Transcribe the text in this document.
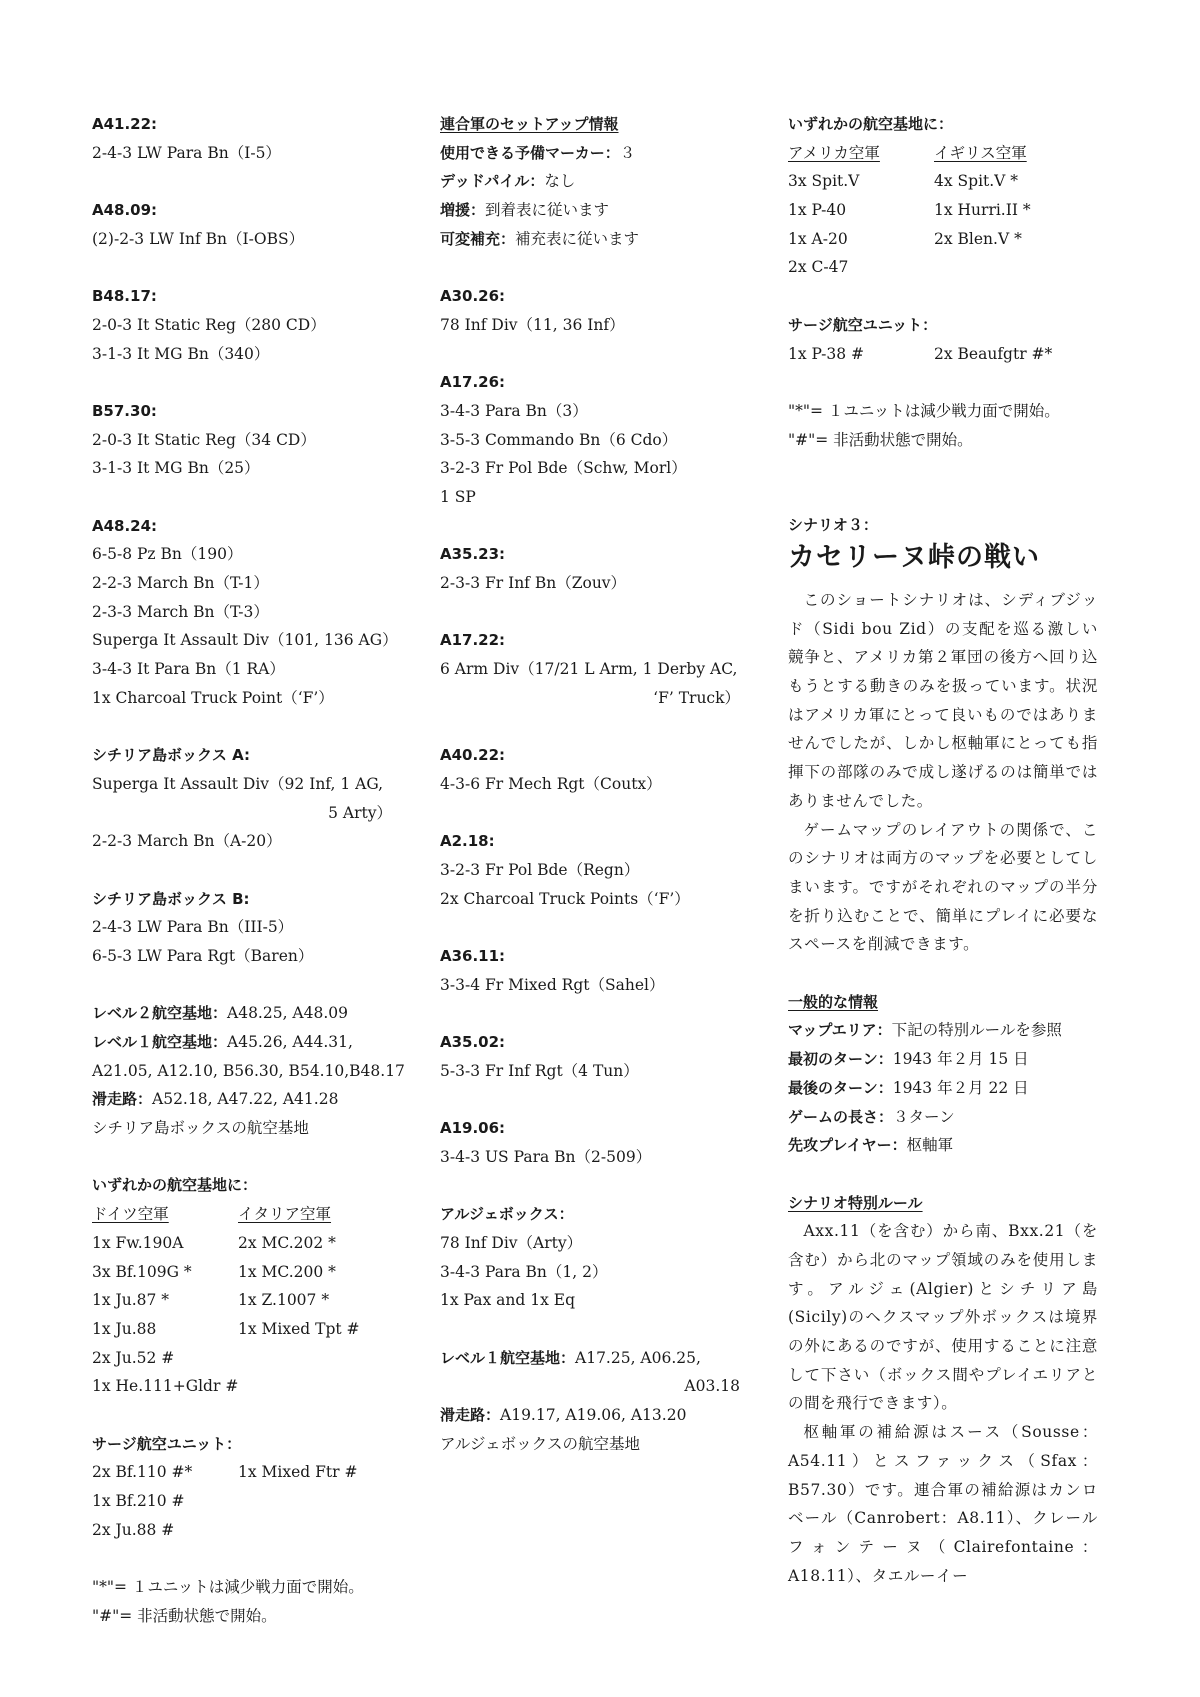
A41.22:
2-4-3 LW Para Bn（I-5）
A48.09:
(2)-2-3 LW Inf Bn（I-OBS）
B48.17:
2-0-3 It Static Reg（280 CD）
3-1-3 It MG Bn（340）
B57.30:
2-0-3 It Static Reg（34 CD）
3-1-3 It MG Bn（25）
A48.24:
6-5-8 Pz Bn（190）
2-2-3 March Bn（T-1）
2-3-3 March Bn（T-3）
Superga It Assault Div（101, 136 AG）
3-4-3 It Para Bn（1 RA）
1x Charcoal Truck Point（‘F’）
シチリア島ボックス A:
Superga It Assault Div（92 Inf, 1 AG,
5 Arty）
2-2-3 March Bn（A-20）
シチリア島ボックス B:
2-4-3 LW Para Bn（III-5）
6-5-3 LW Para Rgt（Baren）
レベル２航空基地：A48.25, A48.09
レベル１航空基地：A45.26, A44.31,
A21.05, A12.10, B56.30, B54.10,B48.17
滑走路：A52.18, A47.22, A41.28
シチリア島ボックスの航空基地
いずれかの航空基地に：
ドイツ空軍	イタリア空軍
1x Fw.190A	2x MC.202 *
3x Bf.109G *	1x MC.200 *
1x Ju.87 *	1x Z.1007 *
1x Ju.88	1x Mixed Tpt #
2x Ju.52 #
1x He.111+Gldr #
サージ航空ユニット：
2x Bf.110 #*	1x Mixed Ftr #
1x Bf.210 #
2x Ju.88 #
"*"= １ユニットは減少戦力面で開始。
"#"= 非活動状態で開始。
連合軍のセットアップ情報
使用できる予備マーカー：３
デッドパイル：なし
増援：到着表に従います
可変補充：補充表に従います
A30.26:
78 Inf Div（11, 36 Inf）
A17.26:
3-4-3 Para Bn（3）
3-5-3 Commando Bn（6 Cdo）
3-2-3 Fr Pol Bde（Schw, Morl）
1 SP
A35.23:
2-3-3 Fr Inf Bn（Zouv）
A17.22:
6 Arm Div（17/21 L Arm, 1 Derby AC,
‘F’ Truck）
A40.22:
4-3-6 Fr Mech Rgt（Coutx）
A2.18:
3-2-3 Fr Pol Bde（Regn）
2x Charcoal Truck Points（‘F’）
A36.11:
3-3-4 Fr Mixed Rgt（Sahel）
A35.02:
5-3-3 Fr Inf Rgt（4 Tun）
A19.06:
3-4-3 US Para Bn（2-509）
アルジェボックス：
78 Inf Div（Arty）
3-4-3 Para Bn（1, 2）
1x Pax and 1x Eq
レベル１航空基地：A17.25, A06.25,
A03.18
滑走路：A19.17, A19.06, A13.20
アルジェボックスの航空基地
いずれかの航空基地に：
アメリカ空軍	イギリス空軍
3x Spit.V	4x Spit.V *
1x P-40	1x Hurri.II *
1x A-20	2x Blen.V *
2x C-47
サージ航空ユニット：
1x P-38 #	2x Beaufgtr #*
"*"= １ユニットは減少戦力面で開始。
"#"= 非活動状態で開始。
シナリオ３：
カセリーヌ峠の戦い
このショートシナリオは、シディブジッド（Sidi bou Zid）の支配を巡る激しい競争と、アメリカ第２軍団の後方へ回り込もうとする動きのみを扱っています。状況はアメリカ軍にとって良いものではありませんでしたが、しかし枢軸軍にとっても指揮下の部隊のみで成し遂げるのは簡単ではありませんでした。
ゲームマップのレイアウトの関係で、このシナリオは両方のマップを必要としてしまいます。ですがそれぞれのマップの半分を折り込むことで、簡単にプレイに必要なスペースを削減できます。
一般的な情報
マップエリア：下記の特別ルールを参照
最初のターン：1943 年２月 15 日
最後のターン：1943 年２月 22 日
ゲームの長さ：３ターン
先攻プレイヤー：枢軸軍
シナリオ特別ルール
Axx.11（を含む）から南、Bxx.21（を含む）から北のマップ領域のみを使用します。アルジェ(Algier)とシチリア島(Sicily)のヘクスマップ外ボックスは境界の外にあるのですが、使用することに注意して下さい（ボックス間やプレイエリアとの間を飛行できます）。
枢軸軍の補給源はスース（Sousse：A54.11）とスファックス（Sfax：B57.30）です。連合軍の補給源はカンロベール（Canrobert：A8.11）、クレールフォンテーヌ（Clairefontaine：A18.11）、タエルーイー
